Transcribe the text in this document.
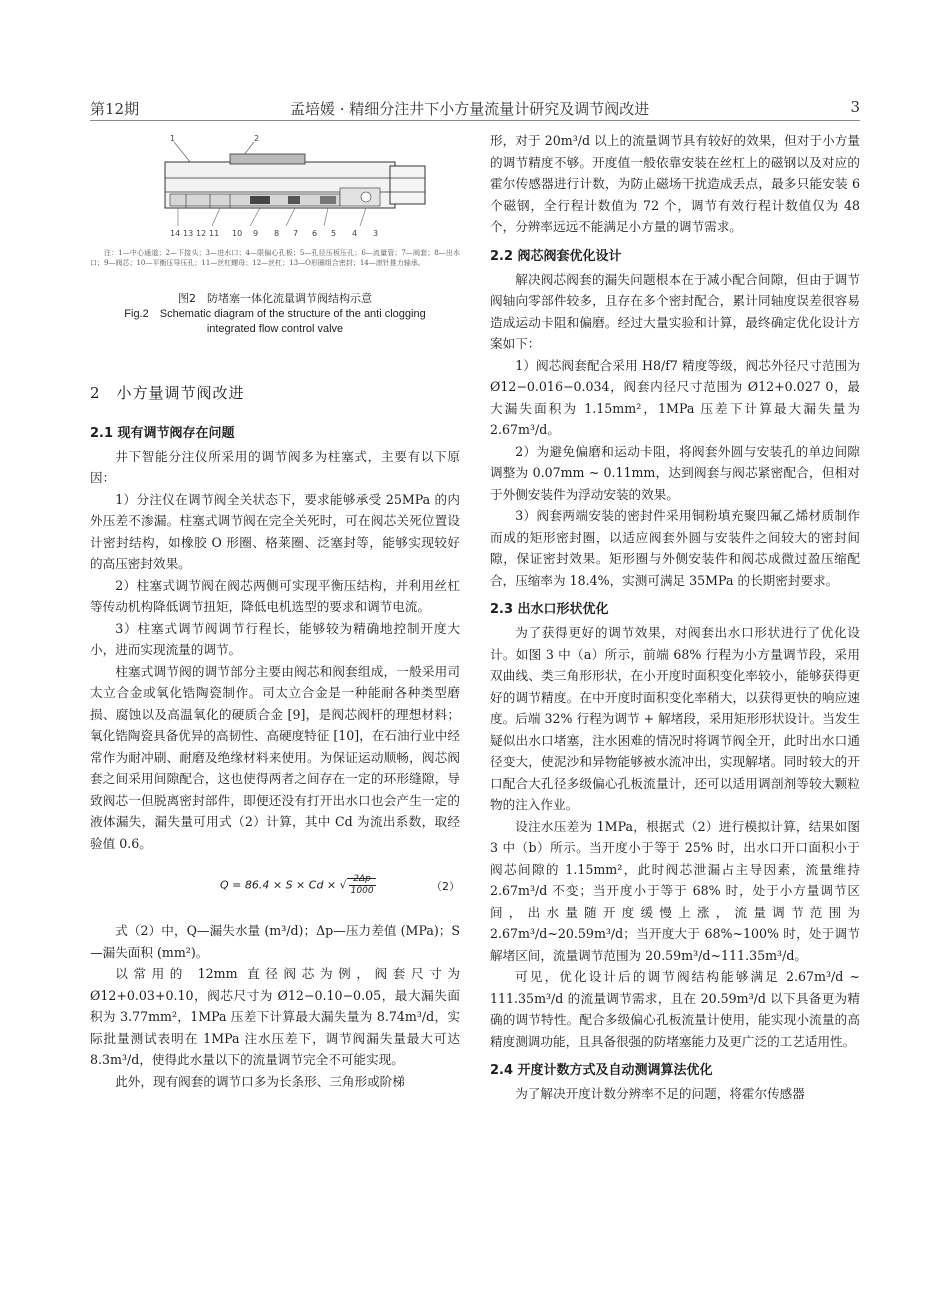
第12期	孟培媛 · 精细分注井下小方量流量计研究及调节阀改进	3
1	2
14 13 12 11 10 9 8 7 6 5 4 3

注：1—中心通道；2—下接头；3—进水口；4—限偏心孔板；5—孔径压板压孔；6—流量管；7—阀套；8—出水口；9—阀芯；10—平衡压导压孔；11—丝杠螺母；12—丝杠；13—O形圈组合密封；14—滚针推力轴承。

图2　防堵塞一体化流量调节阀结构示意
Fig.2　Schematic diagram of the structure of the anti clogging
integrated flow control valve
2　小方量调节阀改进
2.1 现有调节阀存在问题

井下智能分注仪所采用的调节阀多为柱塞式，主要有以下原因：

1）分注仪在调节阀全关状态下，要求能够承受 25MPa 的内外压差不渗漏。柱塞式调节阀在完全关死时，可在阀芯关死位置设计密封结构，如橡胶 O 形圈、格莱圈、泛塞封等，能够实现较好的高压密封效果。

2）柱塞式调节阀在阀芯两侧可实现平衡压结构，并利用丝杠等传动机构降低调节扭矩，降低电机选型的要求和调节电流。

3）柱塞式调节阀调节行程长，能够较为精确地控制开度大小，进而实现流量的调节。

柱塞式调节阀的调节部分主要由阀芯和阀套组成，一般采用司太立合金或氧化锆陶瓷制作。司太立合金是一种能耐各种类型磨损、腐蚀以及高温氧化的硬质合金 [9]，是阀芯阀杆的理想材料；氧化锆陶瓷具备优异的高韧性、高硬度特征 [10]，在石油行业中经常作为耐冲刷、耐磨及绝缘材料来使用。为保证运动顺畅，阀芯阀套之间采用间隙配合，这也使得两者之间存在一定的环形缝隙，导致阀芯一但脱离密封部件，即便还没有打开出水口也会产生一定的液体漏失，漏失量可用式（2）计算，其中 Cd 为流出系数，取经验值 0.6。

Q = 86.4 × S × Cd × √ $\frac{2\Delta p}{1000}$	（2）

式（2）中，Q—漏失水量 (m³/d)；Δp—压力差值 (MPa)；S—漏失面积 (mm²)。

以常用的 12mm 直径阀芯为例，阀套尺寸为 Ø12+0.03+0.10，阀芯尺寸为 Ø12−0.10−0.05，最大漏失面积为 3.77mm²，1MPa 压差下计算最大漏失量为 8.74m³/d，实际批量测试表明在 1MPa 注水压差下，调节阀漏失量最大可达 8.3m³/d，使得此水量以下的流量调节完全不可能实现。

此外，现有阀套的调节口多为长条形、三角形或阶梯

形，对于 20m³/d 以上的流量调节具有较好的效果，但对于小方量的调节精度不够。开度值一般依靠安装在丝杠上的磁钢以及对应的霍尔传感器进行计数，为防止磁场干扰造成丢点，最多只能安装 6 个磁钢，全行程计数值为 72 个，调节有效行程计数值仅为 48 个，分辨率远远不能满足小方量的调节需求。

2.2 阀芯阀套优化设计

解决阀芯阀套的漏失问题根本在于减小配合间隙，但由于调节阀轴向零部件较多，且存在多个密封配合，累计同轴度误差很容易造成运动卡阻和偏磨。经过大量实验和计算，最终确定优化设计方案如下：

1）阀芯阀套配合采用 H8/f7 精度等级，阀芯外径尺寸范围为 Ø12−0.016−0.034，阀套内径尺寸范围为 Ø12+0.027 0，最大漏失面积为 1.15mm²，1MPa 压差下计算最大漏失量为 2.67m³/d。

2）为避免偏磨和运动卡阻，将阀套外圆与安装孔的单边间隙调整为 0.07mm ~ 0.11mm，达到阀套与阀芯紧密配合，但相对于外侧安装件为浮动安装的效果。

3）阀套两端安装的密封件采用铜粉填充聚四氟乙烯材质制作而成的矩形密封圈，以适应阀套外圆与安装件之间较大的密封间隙，保证密封效果。矩形圈与外侧安装件和阀芯成微过盈压缩配合，压缩率为 18.4%，实测可满足 35MPa 的长期密封要求。

2.3 出水口形状优化

为了获得更好的调节效果，对阀套出水口形状进行了优化设计。如图 3 中（a）所示，前端 68% 行程为小方量调节段，采用双曲线、类三角形形状，在小开度时面积变化率较小，能够获得更好的调节精度。在中开度时面积变化率稍大，以获得更快的响应速度。后端 32% 行程为调节 + 解堵段，采用矩形形状设计。当发生疑似出水口堵塞，注水困难的情况时将调节阀全开，此时出水口通径变大，使泥沙和异物能够被水流冲出，实现解堵。同时较大的开口配合大孔径多级偏心孔板流量计，还可以适用调剖剂等较大颗粒物的注入作业。

设注水压差为 1MPa，根据式（2）进行模拟计算，结果如图 3 中（b）所示。当开度小于等于 25% 时，出水口开口面积小于阀芯间隙的 1.15mm²，此时阀芯泄漏占主导因素，流量维持 2.67m³/d 不变；当开度小于等于 68% 时，处于小方量调节区间，出水量随开度缓慢上涨，流量调节范围为 2.67m³/d~20.59m³/d；当开度大于 68%~100% 时，处于调节解堵区间，流量调节范围为 20.59m³/d~111.35m³/d。

可见，优化设计后的调节阀结构能够满足 2.67m³/d ~ 111.35m³/d 的流量调节需求，且在 20.59m³/d 以下具备更为精确的调节特性。配合多级偏心孔板流量计使用，能实现小流量的高精度测调功能，且具备很强的防堵塞能力及更广泛的工艺适用性。

2.4 开度计数方式及自动测调算法优化

为了解决开度计数分辨率不足的问题，将霍尔传感器
